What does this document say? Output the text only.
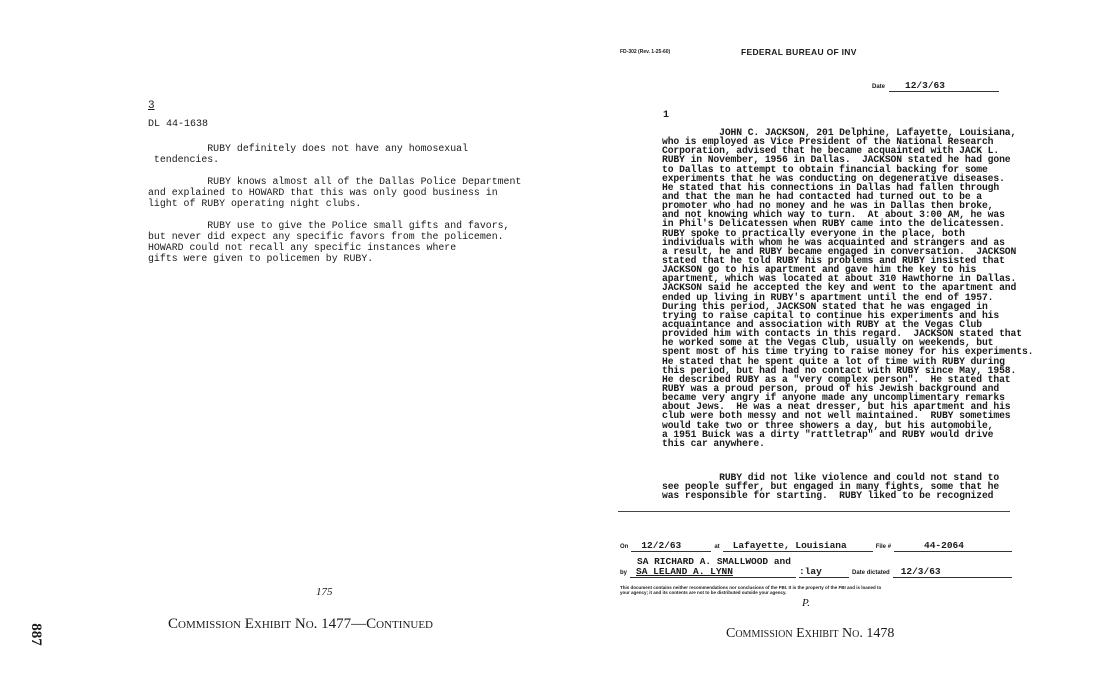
3
DL 44-1638
RUBY definitely does not have any homosexual
tendencies.
RUBY knows almost all of the Dallas Police Department
and explained to HOWARD that this was only good business in
light of RUBY operating night clubs.
RUBY use to give the Police small gifts and favors,
but never did expect any specific favors from the policemen.
HOWARD could not recall any specific instances where
gifts were given to policemen by RUBY.
175
Commission Exhibit No. 1477—Continued
887
FD-302 (Rev. 1-25-60)	FEDERAL BUREAU OF INV
Date	12/3/63
1
JOHN C. JACKSON, 201 Delphine, Lafayette, Louisiana,
who is employed as Vice President of the National Research
Corporation, advised that he became acquainted with JACK L.
RUBY in November, 1956 in Dallas.  JACKSON stated he had gone
to Dallas to attempt to obtain financial backing for some
experiments that he was conducting on degenerative diseases.
He stated that his connections in Dallas had fallen through
and that the man he had contacted had turned out to be a
promoter who had no money and he was in Dallas then broke,
and not knowing which way to turn.  At about 3:00 AM, he was
in Phil's Delicatessen when RUBY came into the delicatessen.
RUBY spoke to practically everyone in the place, both
individuals with whom he was acquainted and strangers and as
a result, he and RUBY became engaged in conversation.  JACKSON
stated that he told RUBY his problems and RUBY insisted that
JACKSON go to his apartment and gave him the key to his
apartment, which was located at about 310 Hawthorne in Dallas.
JACKSON said he accepted the key and went to the apartment and
ended up living in RUBY's apartment until the end of 1957.
During this period, JACKSON stated that he was engaged in
trying to raise capital to continue his experiments and his
acquaintance and association with RUBY at the Vegas Club
provided him with contacts in this regard.  JACKSON stated that
he worked some at the Vegas Club, usually on weekends, but
spent most of his time trying to raise money for his experiments.
He stated that he spent quite a lot of time with RUBY during
this period, but had had no contact with RUBY since May, 1958.
He described RUBY as a "very complex person".  He stated that
RUBY was a proud person, proud of his Jewish background and
became very angry if anyone made any uncomplimentary remarks
about Jews.  He was a neat dresser, but his apartment and his
club were both messy and not well maintained.  RUBY sometimes
would take two or three showers a day, but his automobile,
a 1951 Buick was a dirty "rattletrap" and RUBY would drive
this car anywhere.
RUBY did not like violence and could not stand to
see people suffer, but engaged in many fights, some that he
was responsible for starting.  RUBY liked to be recognized
On	12/2/63	at	Lafayette, Louisiana	File #	44-2064
SA RICHARD A. SMALLWOOD and
by SA LELAND A. LYNN	:lay	Date dictated	12/3/63
This document contains neither recommendations nor conclusions of the FBI. It is the property of the FBI and is loaned to
your agency; it and its contents are not to be distributed outside your agency.
P.
Commission Exhibit No. 1478
